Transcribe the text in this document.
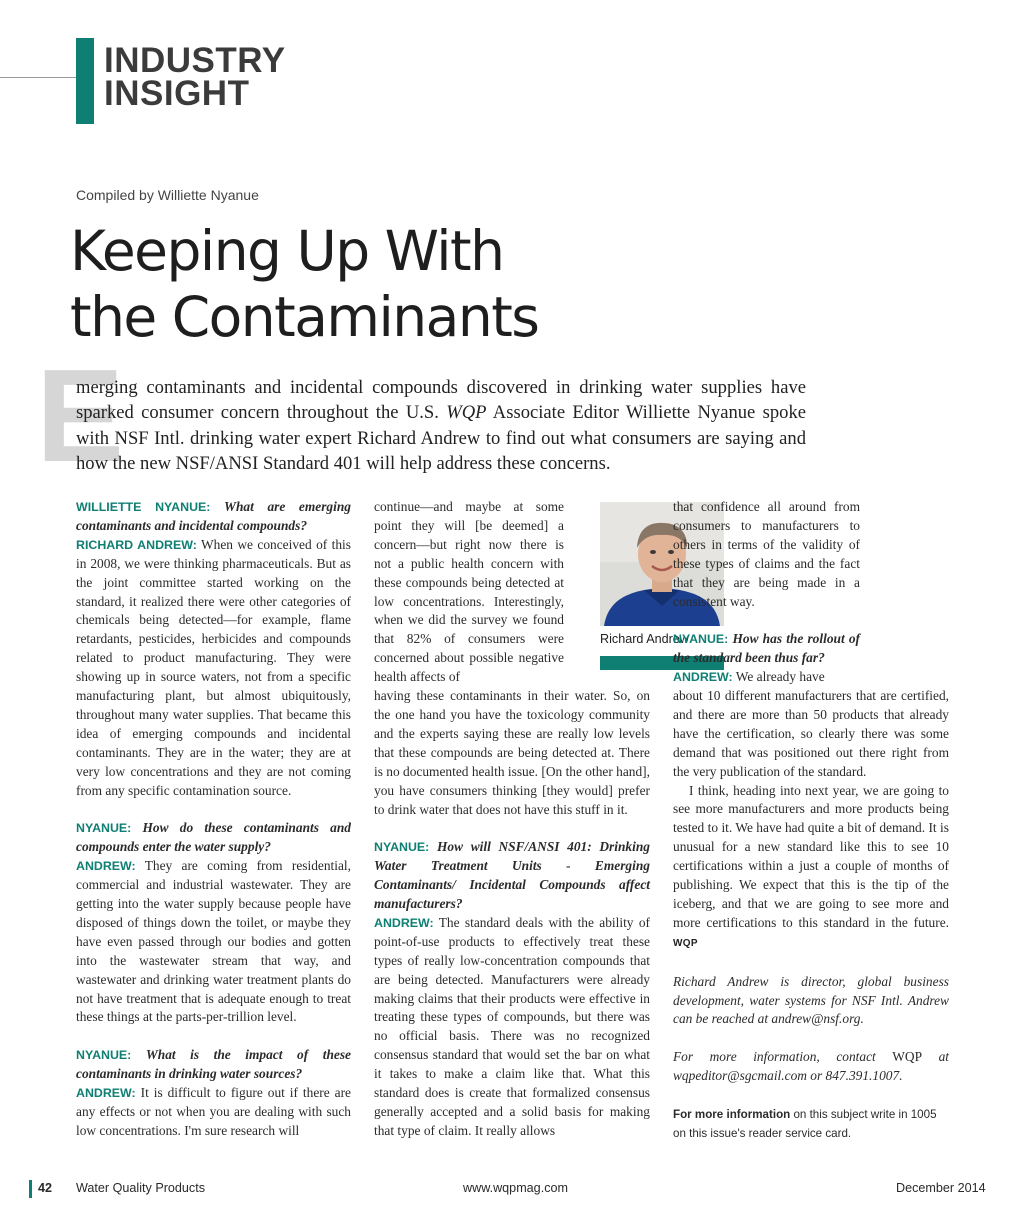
INDUSTRY
INSIGHT
Compiled by Williette Nyanue
Keeping Up With
the Contaminants
E

merging contaminants and incidental compounds discovered in drinking water supplies have sparked consumer concern throughout the U.S. WQP Associate Editor Williette Nyanue spoke with NSF Intl. drinking water expert Richard Andrew to find out what consumers are saying and how the new NSF/ANSI Standard 401 will help address these concerns.

WILLIETTE NYANUE: What are emerging contaminants and incidental compounds?

RICHARD ANDREW: When we conceived of this in 2008, we were thinking pharmaceuticals. But as the joint committee started working on the standard, it realized there were other categories of chemicals being detected—for example, flame retardants, pesticides, herbicides and compounds related to product manufacturing. They were showing up in source waters, not from a specific manufacturing plant, but almost ubiquitously, throughout many water supplies. That became this idea of emerging compounds and incidental contaminants. They are in the water; they are at very low concentrations and they are not coming from any specific contamination source.

NYANUE: How do these contaminants and compounds enter the water supply?

ANDREW: They are coming from residential, commercial and industrial wastewater. They are getting into the water supply because people have disposed of things down the toilet, or maybe they have even passed through our bodies and gotten into the wastewater stream that way, and wastewater and drinking water treatment plants do not have treatment that is adequate enough to treat these things at the parts-per-trillion level.

NYANUE: What is the impact of these contaminants in drinking water sources?

ANDREW: It is difficult to figure out if there are any effects or not when you are dealing with such low concentrations. I'm sure research will

continue—and maybe at some point they will [be deemed] a concern—but right now there is not a public health concern with these compounds being detected at low concentrations. Interestingly, when we did the survey we found that 82% of consumers were concerned about possible negative health affects of

having these contaminants in their water. So, on the one hand you have the toxicology community and the experts saying these are really low levels that these compounds are being detected at. There is no documented health issue. [On the other hand], you have consumers thinking [they would] prefer to drink water that does not have this stuff in it.

NYANUE: How will NSF/ANSI 401: Drinking Water Treatment Units - Emerging Contaminants/ Incidental Compounds affect manufacturers?

ANDREW: The standard deals with the ability of point-of-use products to effectively treat these types of really low-concentration compounds that are being detected. Manufacturers were already making claims that their products were effective in treating these types of compounds, but there was no official basis. There was no recognized consensus standard that would set the bar on what it takes to make a claim like that. What this standard does is create that formalized consensus generally accepted and a solid basis for making that type of claim. It really allows

Richard Andrew

that confidence all around from consumers to manufacturers to others in terms of the validity of these types of claims and the fact that they are being made in a consistent way.

NYANUE: How has the rollout of the standard been thus far?

ANDREW: We already have

about 10 different manufacturers that are certified, and there are more than 50 products that already have the certification, so clearly there was some demand that was positioned out there right from the very publication of the standard.

I think, heading into next year, we are going to see more manufacturers and more products being tested to it. We have had quite a bit of demand. It is unusual for a new standard like this to see 10 certifications within a just a couple of months of publishing. We expect that this is the tip of the iceberg, and that we are going to see more and more certifications to this standard in the future. WQP

Richard Andrew is director, global business development, water systems for NSF Intl. Andrew can be reached at andrew@nsf.org.

For more information, contact WQP at wqpeditor@sgcmail.com or 847.391.1007.

For more information on this subject write in 1005 on this issue's reader service card.

42 Water Quality Products	www.wqpmag.com	December 2014
